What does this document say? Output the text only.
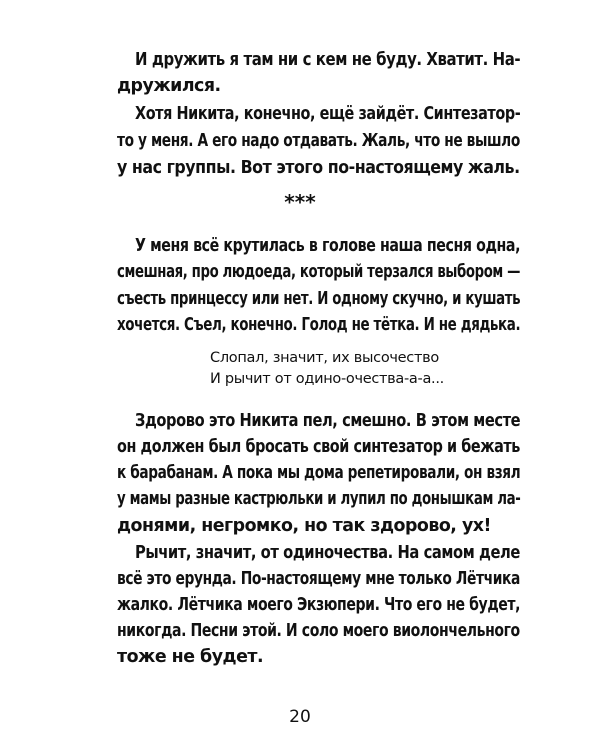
И дружить я там ни с кем не буду. Хватит. На-
дружился.
Хотя Никита, конечно, ещё зайдёт. Синтезатор-
то у меня. А его надо отдавать. Жаль, что не вышло
у нас группы. Вот этого по-настоящему жаль.
***
У меня всё крутилась в голове наша песня одна,
смешная, про людоеда, который терзался выбором —
съесть принцессу или нет. И одному скучно, и кушать
хочется. Съел, конечно. Голод не тётка. И не дядька.
Слопал, значит, их высочество
И рычит от одино-очества-а-а...
Здорово это Никита пел, смешно. В этом месте
он должен был бросать свой синтезатор и бежать
к барабанам. А пока мы дома репетировали, он взял
у мамы разные кастрюльки и лупил по донышкам ла-
донями, негромко, но так здорово, ух!
Рычит, значит, от одиночества. На самом деле
всё это ерунда. По-настоящему мне только Лётчика
жалко. Лётчика моего Экзюпери. Что его не будет,
никогда. Песни этой. И соло моего виолончельного
тоже не будет.
20
